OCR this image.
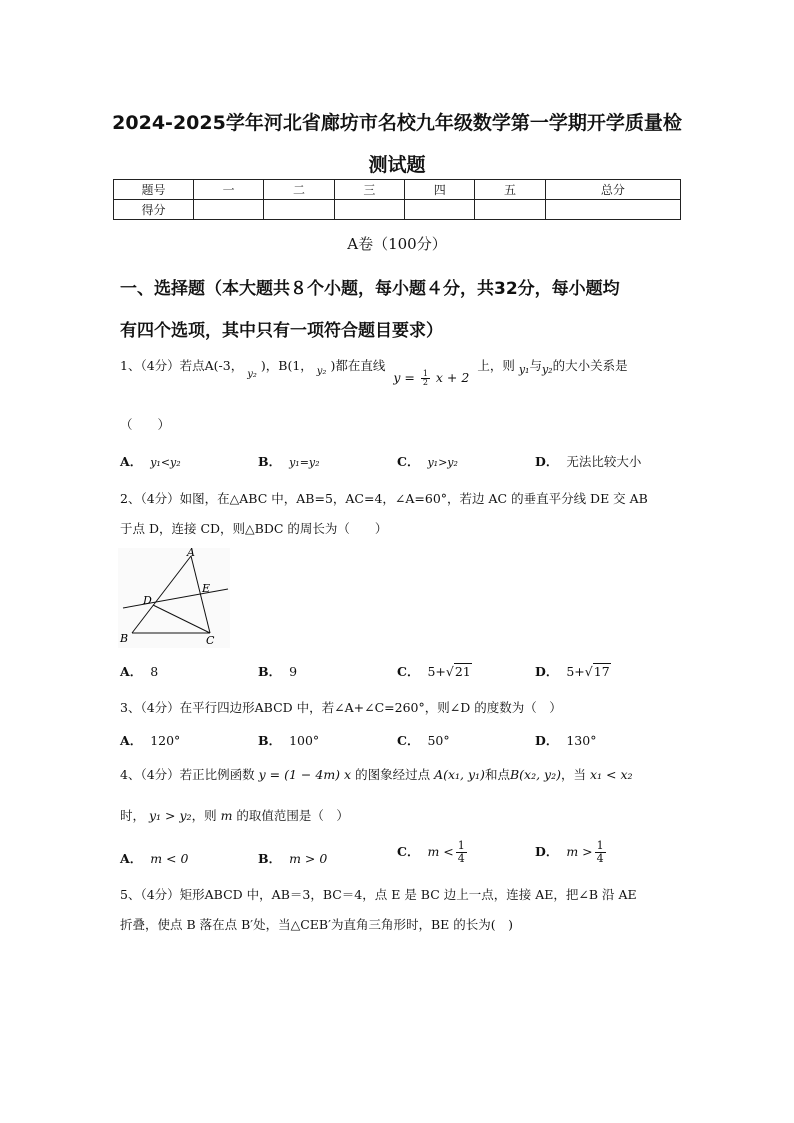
2024-2025学年河北省廊坊市名校九年级数学第一学期开学质量检
测试题
题号	一	二	三	四	五	总分
得分						
A卷（100分）
一、选择题（本大题共８个小题，每小题４分，共32分，每小题均
有四个选项，其中只有一项符合题目要求）
1、（4分）若点A(-3， $_{y_2}$ )，B(1， $_{y_2}$ )都在直线 $y = \frac{1}{2}$ x + 2 上，则 y₁与y₂的大小关系是
（　　）
A． y₁<y₂	B． y₁=y₂	C． y₁>y₂	D． 无法比较大小
2、（4分）如图，在△ABC 中，AB=5，AC=4，∠A=60°，若边 AC 的垂直平分线 DE 交 AB
于点 D，连接 CD，则△BDC 的周长为（　　）
A
B	C
D
E
A． 8	B． 9	C． 5+√21	D． 5+√17
3、（4分）在平行四边形ABCD 中，若∠A+∠C=260°，则∠D 的度数为（　）
A． 120°	B． 100°	C． 50°	D． 130°
4、（4分）若正比例函数 y = (1 − 4m) x 的图象经过点 A(x₁, y₁)和点B(x₂, y₂)，当 x₁ < x₂
时， y₁ > y₂，则 m 的取值范围是（　）
A． m < 0	B． m > 0	C． $m < \frac{1}{4}$	D． $m > \frac{1}{4}$
5、（4分）矩形ABCD 中，AB＝3，BC＝4，点 E 是 BC 边上一点，连接 AE，把∠B 沿 AE
折叠，使点 B 落在点 B′处，当△CEB′为直角三角形时，BE 的长为(　)
